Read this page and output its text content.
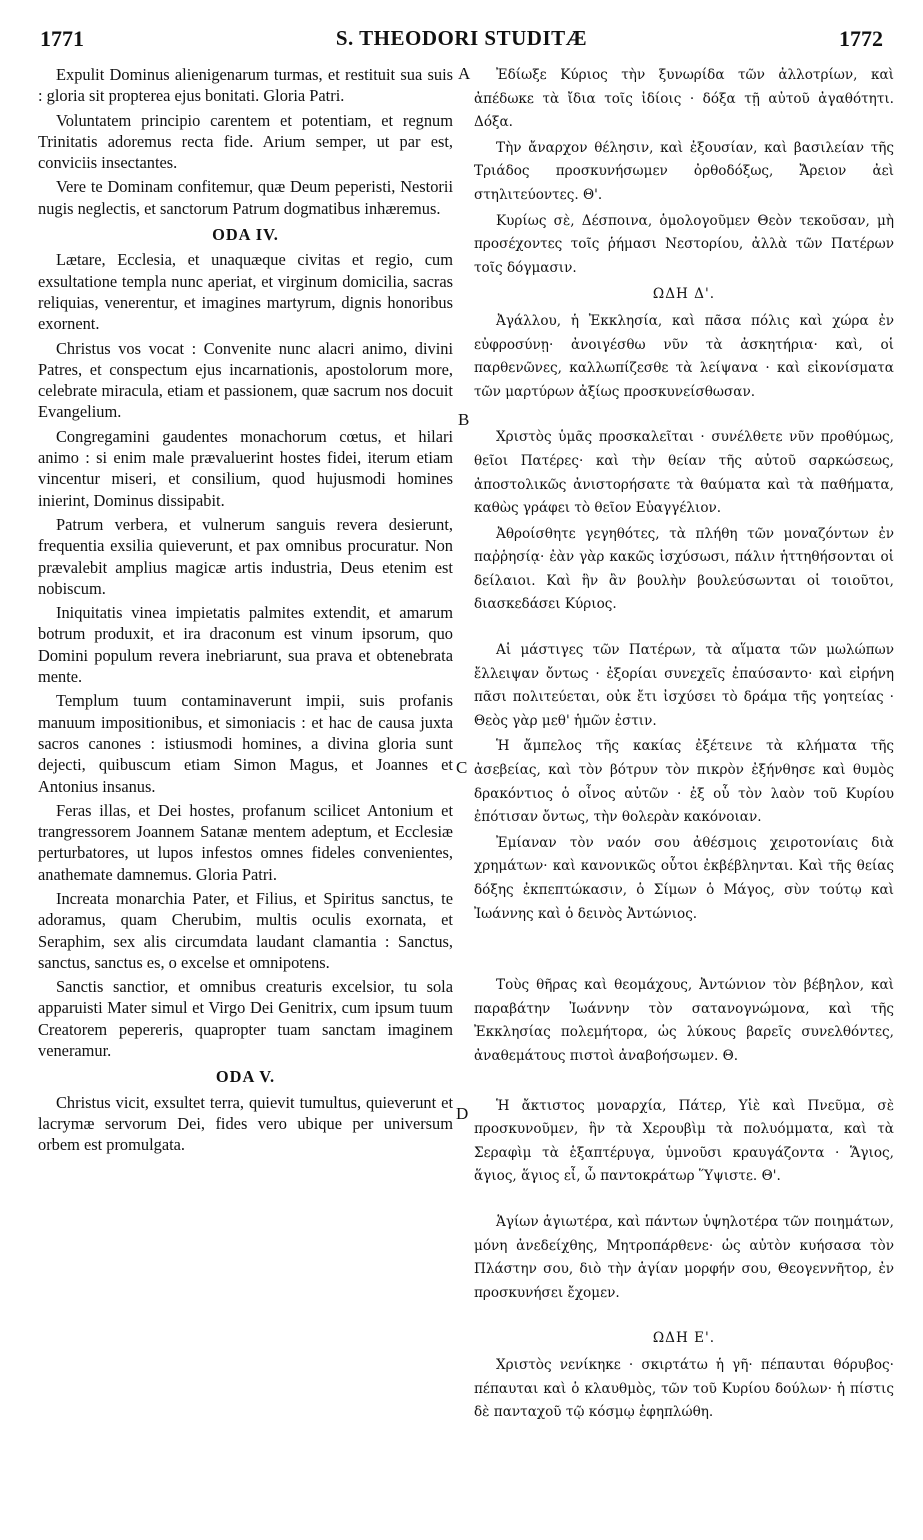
1771	S. THEODORI STUDITÆ	1772
A
B
C
D

Expulit Dominus alienigenarum turmas, et restituit sua suis : gloria sit propterea ejus bonitati. Gloria Patri.

Voluntatem principio carentem et potentiam, et regnum Trinitatis adoremus recta fide. Arium semper, ut par est, conviciis insectantes.

Vere te Dominam confitemur, quæ Deum peperisti, Nestorii nugis neglectis, et sanctorum Patrum dogmatibus inhæremus.

ODA IV.

Lætare, Ecclesia, et unaquæque civitas et regio, cum exsultatione templa nunc aperiat, et virginum domicilia, sacras reliquias, venerentur, et imagines martyrum, dignis honoribus exornent.

Christus vos vocat : Convenite nunc alacri animo, divini Patres, et conspectum ejus incarnationis, apostolorum more, celebrate miracula, etiam et passionem, quæ sacrum nos docuit Evangelium.

Congregamini gaudentes monachorum cœtus, et hilari animo : si enim male prævaluerint hostes fidei, iterum etiam vincentur miseri, et consilium, quod hujusmodi homines inierint, Dominus dissipabit.

Patrum verbera, et vulnerum sanguis revera desierunt, frequentia exsilia quieverunt, et pax omnibus procuratur. Non prævalebit amplius magicæ artis industria, Deus etenim est nobiscum.

Iniquitatis vinea impietatis palmites extendit, et amarum botrum produxit, et ira draconum est vinum ipsorum, quo Domini populum revera inebriarunt, sua prava et obtenebrata mente.

Templum tuum contaminaverunt impii, suis profanis manuum impositionibus, et simoniacis : et hac de causa juxta sacros canones : istiusmodi homines, a divina gloria sunt dejecti, quibuscum etiam Simon Magus, et Joannes et Antonius insanus.

Feras illas, et Dei hostes, profanum scilicet Antonium et trangressorem Joannem Satanæ mentem adeptum, et Ecclesiæ perturbatores, ut lupos infestos omnes fideles convenientes, anathemate damnemus. Gloria Patri.

Increata monarchia Pater, et Filius, et Spiritus sanctus, te adoramus, quam Cherubim, multis oculis exornata, et Seraphim, sex alis circumdata laudant clamantia : Sanctus, sanctus, sanctus es, o excelse et omnipotens.

Sanctis sanctior, et omnibus creaturis excelsior, tu sola apparuisti Mater simul et Virgo Dei Genitrix, cum ipsum tuum Creatorem pepereris, quapropter tuam sanctam imaginem veneramur.

ODA V.

Christus vicit, exsultet terra, quievit tumultus, quieverunt et lacrymæ servorum Dei, fides vero ubique per universum orbem est promulgata.

Ἐδίωξε Κύριος τὴν ξυνωρίδα τῶν ἀλλοτρίων, καὶ ἀπέδωκε τὰ ἴδια τοῖς ἰδίοις · δόξα τῇ αὐτοῦ ἀγαθότητι. Δόξα.

Τὴν ἄναρχον θέλησιν, καὶ ἐξουσίαν, καὶ βασιλείαν τῆς Τριάδος προσκυνήσωμεν ὀρθοδόξως, Ἄρειον ἀεὶ στηλιτεύοντες. Θ'.

Κυρίως σὲ, Δέσποινα, ὁμολογοῦμεν Θεὸν τεκοῦσαν, μὴ προσέχοντες τοῖς ῥήμασι Νεστορίου, ἀλλὰ τῶν Πατέρων τοῖς δόγμασιν.

ΩΔΗ Δ'.

Ἀγάλλου, ἡ Ἐκκλησία, καὶ πᾶσα πόλις καὶ χώρα ἐν εὐφροσύνῃ· ἀνοιγέσθω νῦν τὰ ἀσκητήρια· καὶ, οἱ παρθενῶνες, καλλωπίζεσθε τὰ λείψανα · καὶ εἰκονίσματα τῶν μαρτύρων ἀξίως προσκυνείσθωσαν.

Χριστὸς ὑμᾶς προσκαλεῖται · συνέλθετε νῦν προθύμως, θεῖοι Πατέρες· καὶ τὴν θείαν τῆς αὐτοῦ σαρκώσεως, ἀποστολικῶς ἀνιστορήσατε τὰ θαύματα καὶ τὰ παθήματα, καθὼς γράφει τὸ θεῖον Εὐαγγέλιον.

Ἀθροίσθητε γεγηθότες, τὰ πλήθη τῶν μοναζόντων ἐν παῤῥησίᾳ· ἐὰν γὰρ κακῶς ἰσχύσωσι, πάλιν ἡττηθήσονται οἱ δείλαιοι. Καὶ ἣν ἂν βουλὴν βουλεύσωνται οἱ τοιοῦτοι, διασκεδάσει Κύριος.

Αἱ μάστιγες τῶν Πατέρων, τὰ αἵματα τῶν μωλώπων ἔλλειψαν ὄντως · ἐξορίαι συνεχεῖς ἐπαύσαντο· καὶ εἰρήνη πᾶσι πολιτεύεται, οὐκ ἔτι ἰσχύσει τὸ δράμα τῆς γοητείας · Θεὸς γὰρ μεθ' ἡμῶν ἐστιν.

Ἡ ἄμπελος τῆς κακίας ἐξέτεινε τὰ κλήματα τῆς ἀσεβείας, καὶ τὸν βότρυν τὸν πικρὸν ἐξήνθησε καὶ θυμὸς δρακόντιος ὁ οἶνος αὐτῶν · ἐξ οὗ τὸν λαὸν τοῦ Κυρίου ἐπότισαν ὄντως, τὴν θολερὰν κακόνοιαν.

Ἐμίαναν τὸν ναόν σου ἀθέσμοις χειροτονίαις διὰ χρημάτων· καὶ κανονικῶς οὗτοι ἐκβέβληνται. Καὶ τῆς θείας δόξης ἐκπεπτώκασιν, ὁ Σίμων ὁ Μάγος, σὺν τούτῳ καὶ Ἰωάννης καὶ ὁ δεινὸς Ἀντώνιος.

Τοὺς θῆρας καὶ θεομάχους, Ἀντώνιον τὸν βέβηλον, καὶ παραβάτην Ἰωάννην τὸν σατανογνώμονα, καὶ τῆς Ἐκκλησίας πολεμήτορα, ὡς λύκους βαρεῖς συνελθόντες, ἀναθεμάτους πιστοὶ ἀναβοήσωμεν. Θ.

Ἡ ἄκτιστος μοναρχία, Πάτερ, Υἱὲ καὶ Πνεῦμα, σὲ προσκυνοῦμεν, ἣν τὰ Χερουβὶμ τὰ πολυόμματα, καὶ τὰ Σεραφὶμ τὰ ἑξαπτέρυγα, ὑμνοῦσι κραυγάζοντα · Ἅγιος, ἅγιος, ἅγιος εἶ, ὦ παντοκράτωρ Ὕψιστε. Θ'.

Ἁγίων ἁγιωτέρα, καὶ πάντων ὑψηλοτέρα τῶν ποιημάτων, μόνη ἀνεδείχθης, Μητροπάρθενε· ὡς αὐτὸν κυήσασα τὸν Πλάστην σου, διὸ τὴν ἁγίαν μορφήν σου, Θεογεννῆτορ, ἐν προσκυνήσει ἔχομεν.

ΩΔΗ Ε'.

Χριστὸς νενίκηκε · σκιρτάτω ἡ γῆ· πέπαυται θόρυβος· πέπαυται καὶ ὁ κλαυθμὸς, τῶν τοῦ Κυρίου δούλων· ἡ πίστις δὲ πανταχοῦ τῷ κόσμῳ ἐφηπλώθη.
